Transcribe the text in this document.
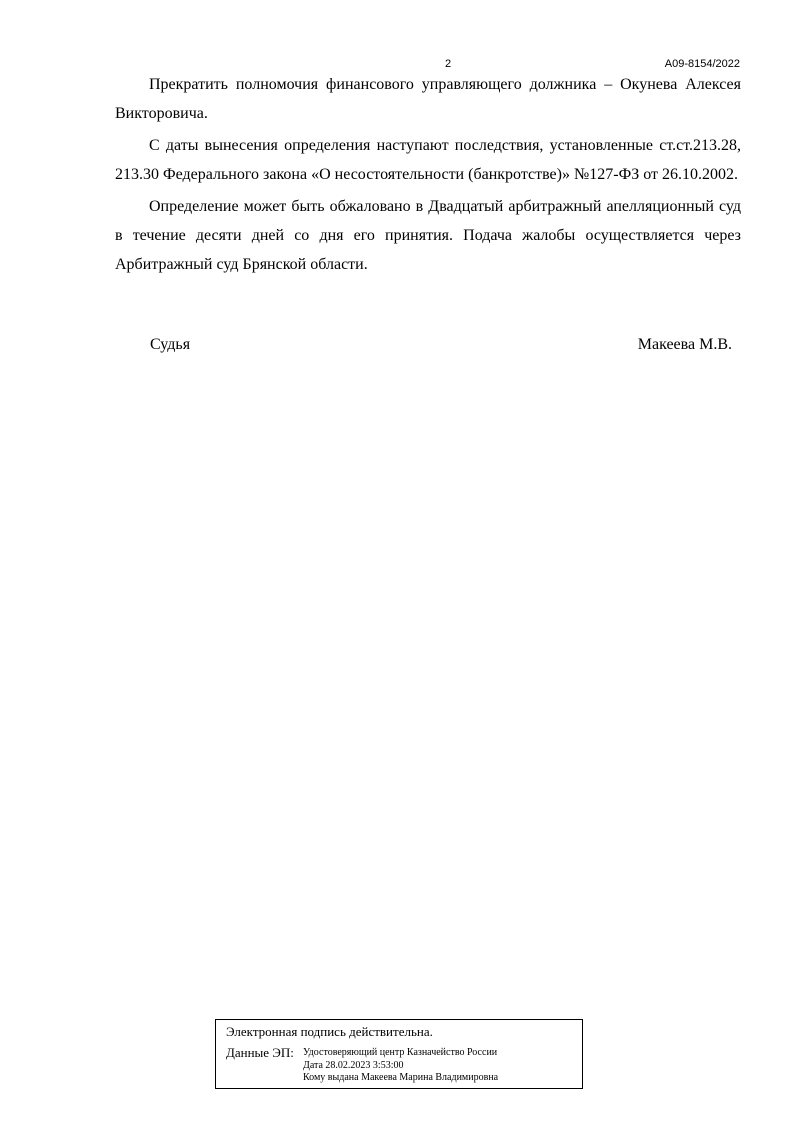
2	А09-8154/2022

Прекратить полномочия финансового управляющего должника – Окунева Алексея Викторовича.

С даты вынесения определения наступают последствия, установленные ст.ст.213.28, 213.30 Федерального закона «О несостоятельности (банкротстве)» №127-ФЗ от 26.10.2002.

Определение может быть обжаловано в Двадцатый арбитражный апелляционный суд в течение десяти дней со дня его принятия. Подача жалобы осуществляется через Арбитражный суд Брянской области.

Судья	Макеева М.В.
Электронная подпись действительна.
Данные ЭП: Удостоверяющий центр Казначейство России
Дата 28.02.2023 3:53:00
Кому выдана Макеева Марина Владимировна
